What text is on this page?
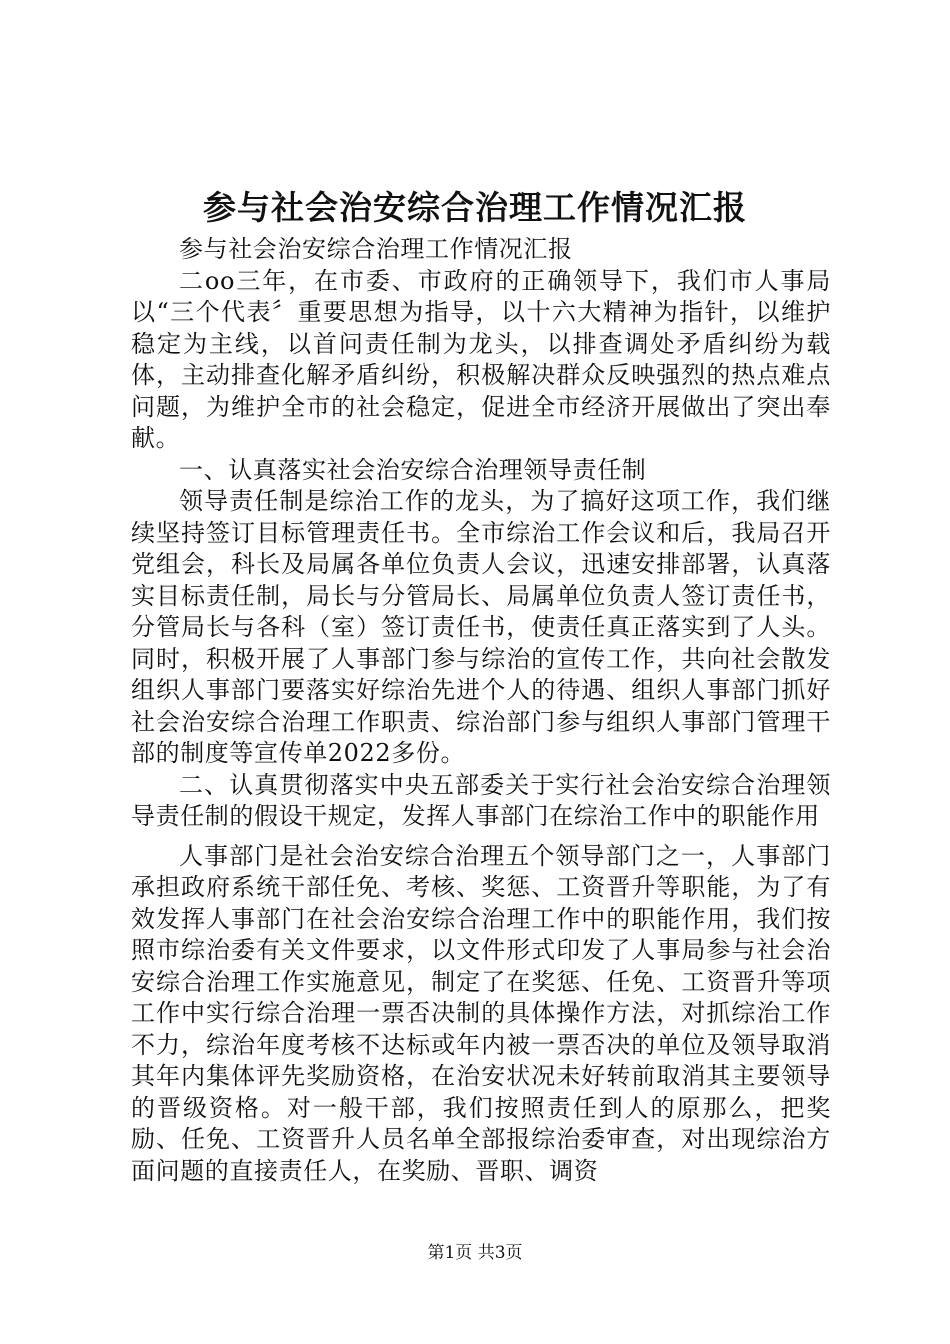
参与社会治安综合治理工作情况汇报

参与社会治安综合治理工作情况汇报

二oo三年，在市委、市政府的正确领导下，我们市人事局以“三个代表〞重要思想为指导，以十六大精神为指针，以维护稳定为主线，以首问责任制为龙头，以排查调处矛盾纠纷为载体，主动排查化解矛盾纠纷，积极解决群众反映强烈的热点难点问题，为维护全市的社会稳定，促进全市经济开展做出了突出奉献。

一、认真落实社会治安综合治理领导责任制

领导责任制是综治工作的龙头，为了搞好这项工作，我们继续坚持签订目标管理责任书。全市综治工作会议和后，我局召开党组会，科长及局属各单位负责人会议，迅速安排部署，认真落实目标责任制，局长与分管局长、局属单位负责人签订责任书，分管局长与各科（室）签订责任书，使责任真正落实到了人头。同时，积极开展了人事部门参与综治的宣传工作，共向社会散发组织人事部门要落实好综治先进个人的待遇、组织人事部门抓好社会治安综合治理工作职责、综治部门参与组织人事部门管理干部的制度等宣传单2022多份。

二、认真贯彻落实中央五部委关于实行社会治安综合治理领导责任制的假设干规定，发挥人事部门在综治工作中的职能作用

人事部门是社会治安综合治理五个领导部门之一，人事部门承担政府系统干部任免、考核、奖惩、工资晋升等职能，为了有效发挥人事部门在社会治安综合治理工作中的职能作用，我们按照市综治委有关文件要求，以文件形式印发了人事局参与社会治安综合治理工作实施意见，制定了在奖惩、任免、工资晋升等项工作中实行综合治理一票否决制的具体操作方法，对抓综治工作不力，综治年度考核不达标或年内被一票否决的单位及领导取消其年内集体评先奖励资格，在治安状况未好转前取消其主要领导的晋级资格。对一般干部，我们按照责任到人的原那么，把奖励、任免、工资晋升人员名单全部报综治委审查，对出现综治方面问题的直接责任人，在奖励、晋职、调资

第1页 共3页
